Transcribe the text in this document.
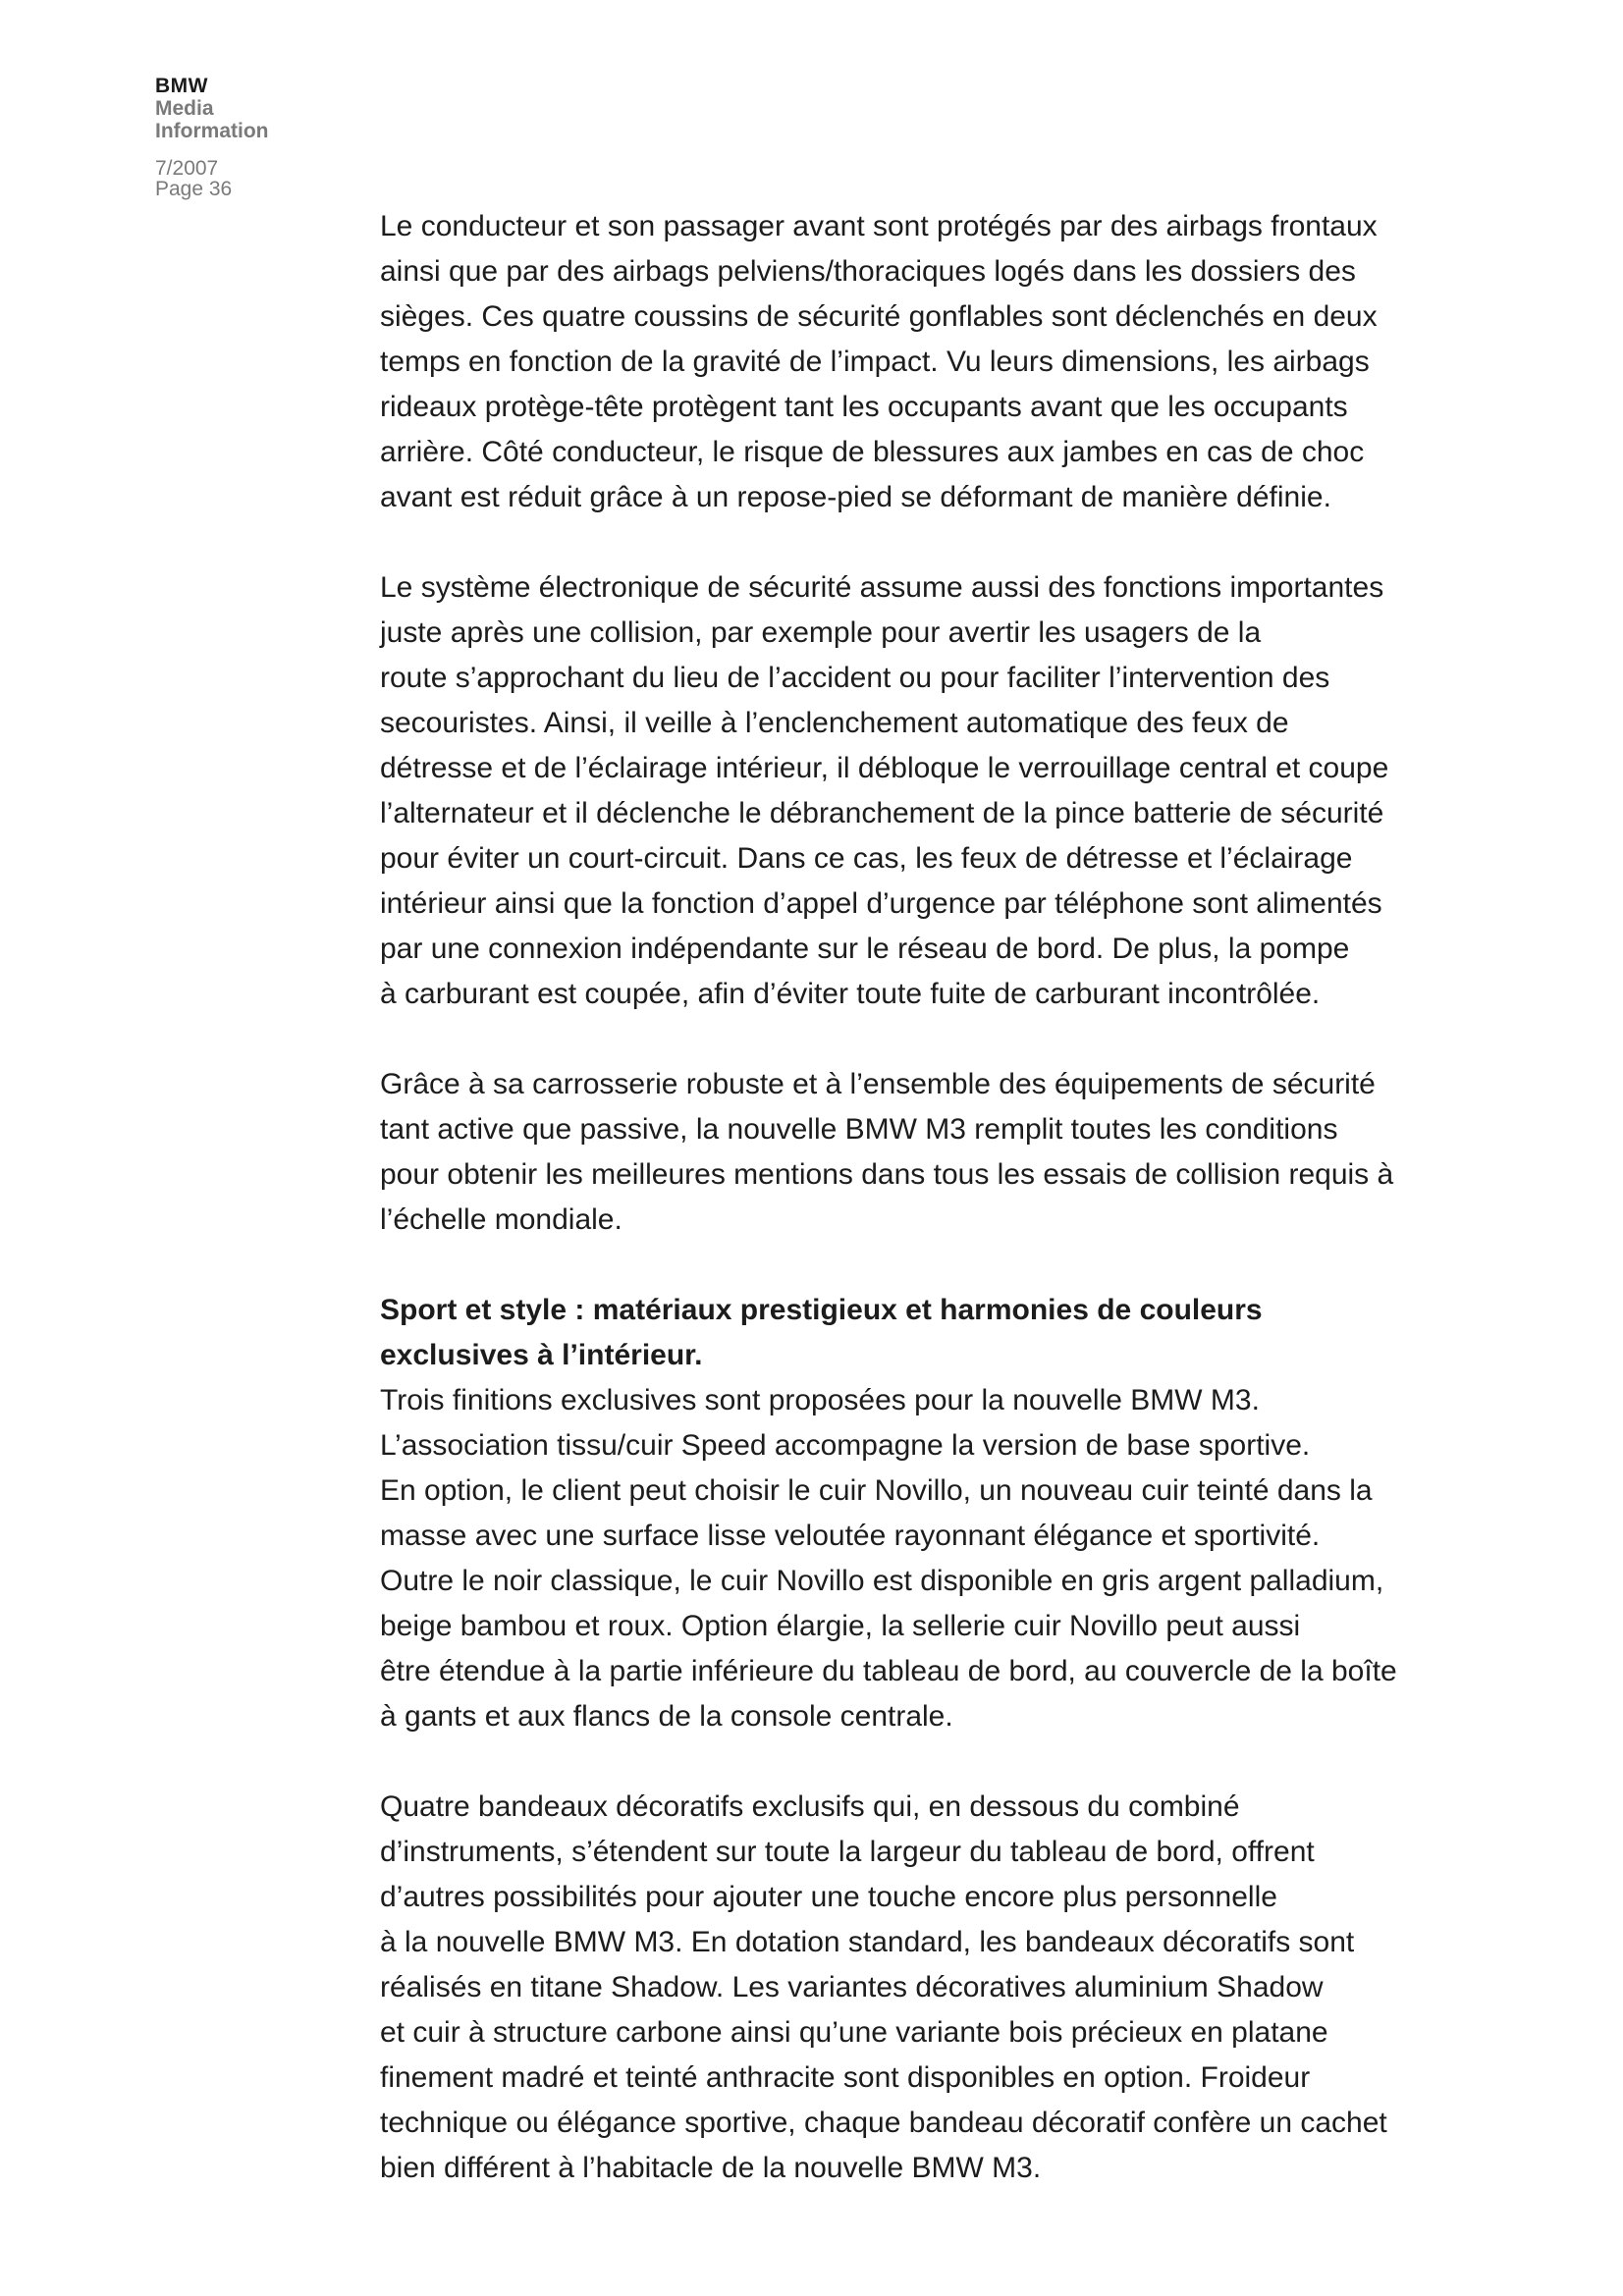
BMW
Media
Information
7/2007
Page 36
Le conducteur et son passager avant sont protégés par des airbags frontaux
ainsi que par des airbags pelviens/thoraciques logés dans les dossiers des
sièges. Ces quatre coussins de sécurité gonflables sont déclenchés en deux
temps en fonction de la gravité de l’impact. Vu leurs dimensions, les airbags
rideaux protège-tête protègent tant les occupants avant que les occupants
arrière. Côté conducteur, le risque de blessures aux jambes en cas de choc
avant est réduit grâce à un repose-pied se déformant de manière définie.
Le système électronique de sécurité assume aussi des fonctions importantes
juste après une collision, par exemple pour avertir les usagers de la
route s’approchant du lieu de l’accident ou pour faciliter l’intervention des
secouristes. Ainsi, il veille à l’enclenchement automatique des feux de
détresse et de l’éclairage intérieur, il débloque le verrouillage central et coupe
l’alternateur et il déclenche le débranchement de la pince batterie de sécurité
pour éviter un court-circuit. Dans ce cas, les feux de détresse et l’éclairage
intérieur ainsi que la fonction d’appel d’urgence par téléphone sont alimentés
par une connexion indépendante sur le réseau de bord. De plus, la pompe
à carburant est coupée, afin d’éviter toute fuite de carburant incontrôlée.
Grâce à sa carrosserie robuste et à l’ensemble des équipements de sécurité
tant active que passive, la nouvelle BMW M3 remplit toutes les conditions
pour obtenir les meilleures mentions dans tous les essais de collision requis à
l’échelle mondiale.
Sport et style : matériaux prestigieux et harmonies de couleurs
exclusives à l’intérieur.
Trois finitions exclusives sont proposées pour la nouvelle BMW M3.
L’association tissu/cuir Speed accompagne la version de base sportive.
En option, le client peut choisir le cuir Novillo, un nouveau cuir teinté dans la
masse avec une surface lisse veloutée rayonnant élégance et sportivité.
Outre le noir classique, le cuir Novillo est disponible en gris argent palladium,
beige bambou et roux. Option élargie, la sellerie cuir Novillo peut aussi
être étendue à la partie inférieure du tableau de bord, au couvercle de la boîte
à gants et aux flancs de la console centrale.
Quatre bandeaux décoratifs exclusifs qui, en dessous du combiné
d’instruments, s’étendent sur toute la largeur du tableau de bord, offrent
d’autres possibilités pour ajouter une touche encore plus personnelle
à la nouvelle BMW M3. En dotation standard, les bandeaux décoratifs sont
réalisés en titane Shadow. Les variantes décoratives aluminium Shadow
et cuir à structure carbone ainsi qu’une variante bois précieux en platane
finement madré et teinté anthracite sont disponibles en option. Froideur
technique ou élégance sportive, chaque bandeau décoratif confère un cachet
bien différent à l’habitacle de la nouvelle BMW M3.
